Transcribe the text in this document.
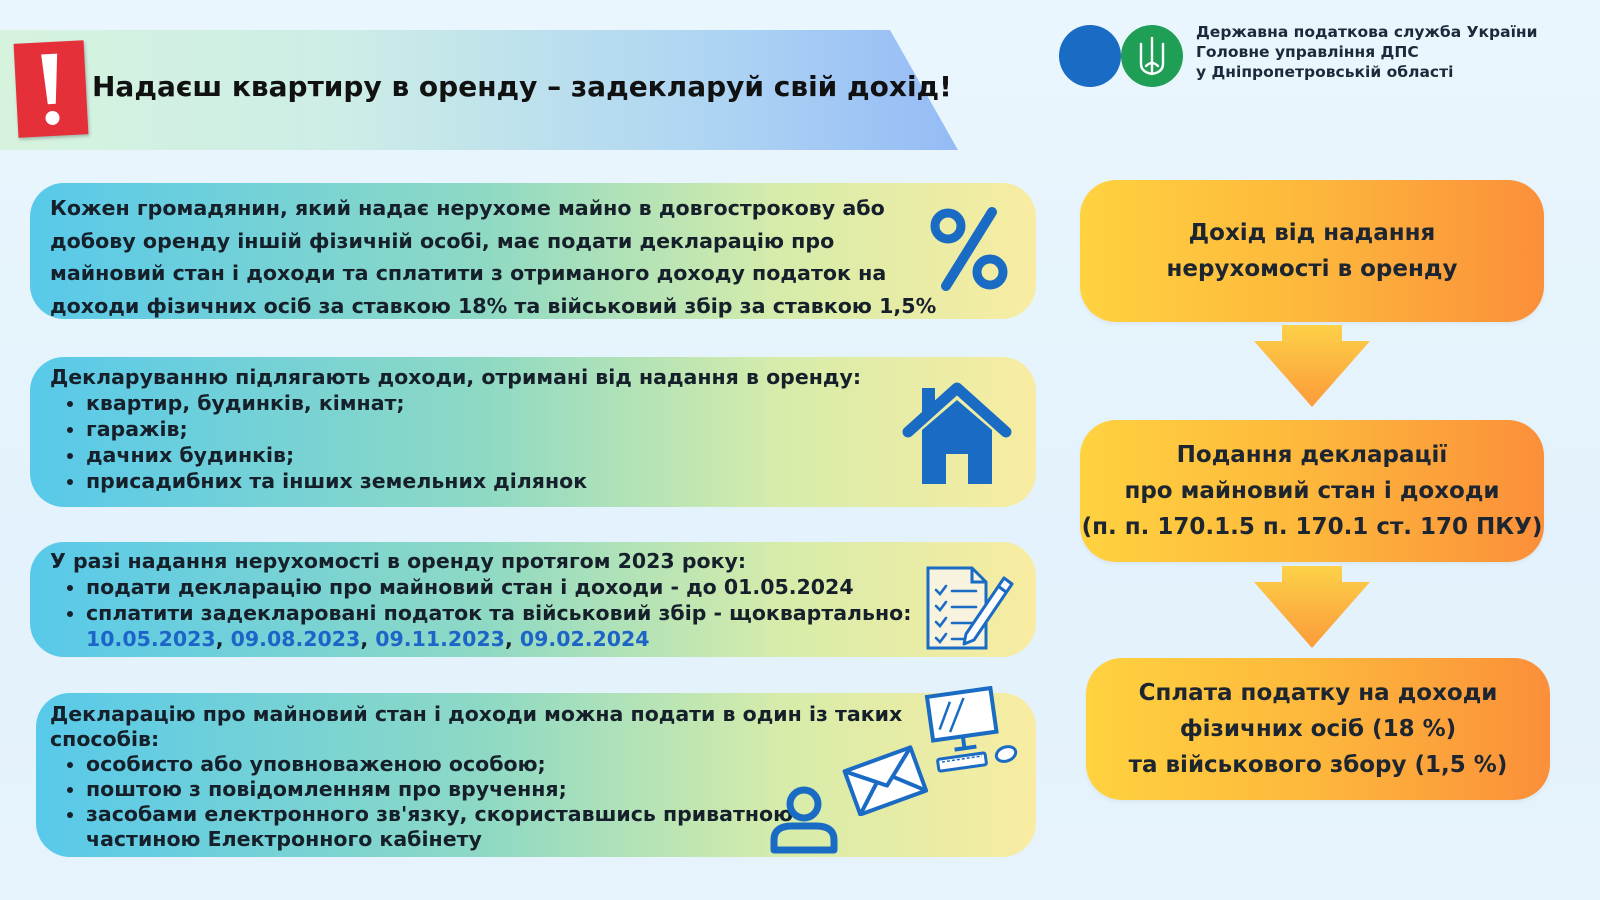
Надаєш квартиру в оренду – задекларуй свій дохід!
Державна податкова служба України
Головне управління ДПС
у Дніпропетровській області
Кожен громадянин, який надає нерухоме майно в довгострокову або
добову оренду іншій фізичній особі, має подати декларацію про
майновий стан і доходи та сплатити з отриманого доходу податок на
доходи фізичних осіб за ставкою 18% та військовий збір за ставкою 1,5%
Декларуванню підлягають доходи, отримані від надання в оренду:
• квартир, будинків, кімнат;
• гаражів;
• дачних будинків;
• присадибних та інших земельних ділянок
У разі надання нерухомості в оренду протягом 2023 року:
• подати декларацію про майновий стан і доходи - до 01.05.2024
• сплатити задекларовані податок та військовий збір - щоквартально:
10.05.2023, 09.08.2023, 09.11.2023, 09.02.2024
Декларацію про майновий стан і доходи можна подати в один із таких
способів:
• особисто або уповноваженою особою;
• поштою з повідомленням про вручення;
• засобами електронного зв'язку, скориставшись приватною
частиною Електронного кабінету
Дохід від надання
нерухомості в оренду
Подання декларації
про майновий стан і доходи
(п. п. 170.1.5 п. 170.1 ст. 170 ПКУ)
Сплата податку на доходи
фізичних осіб (18 %)
та військового збору (1,5 %)
